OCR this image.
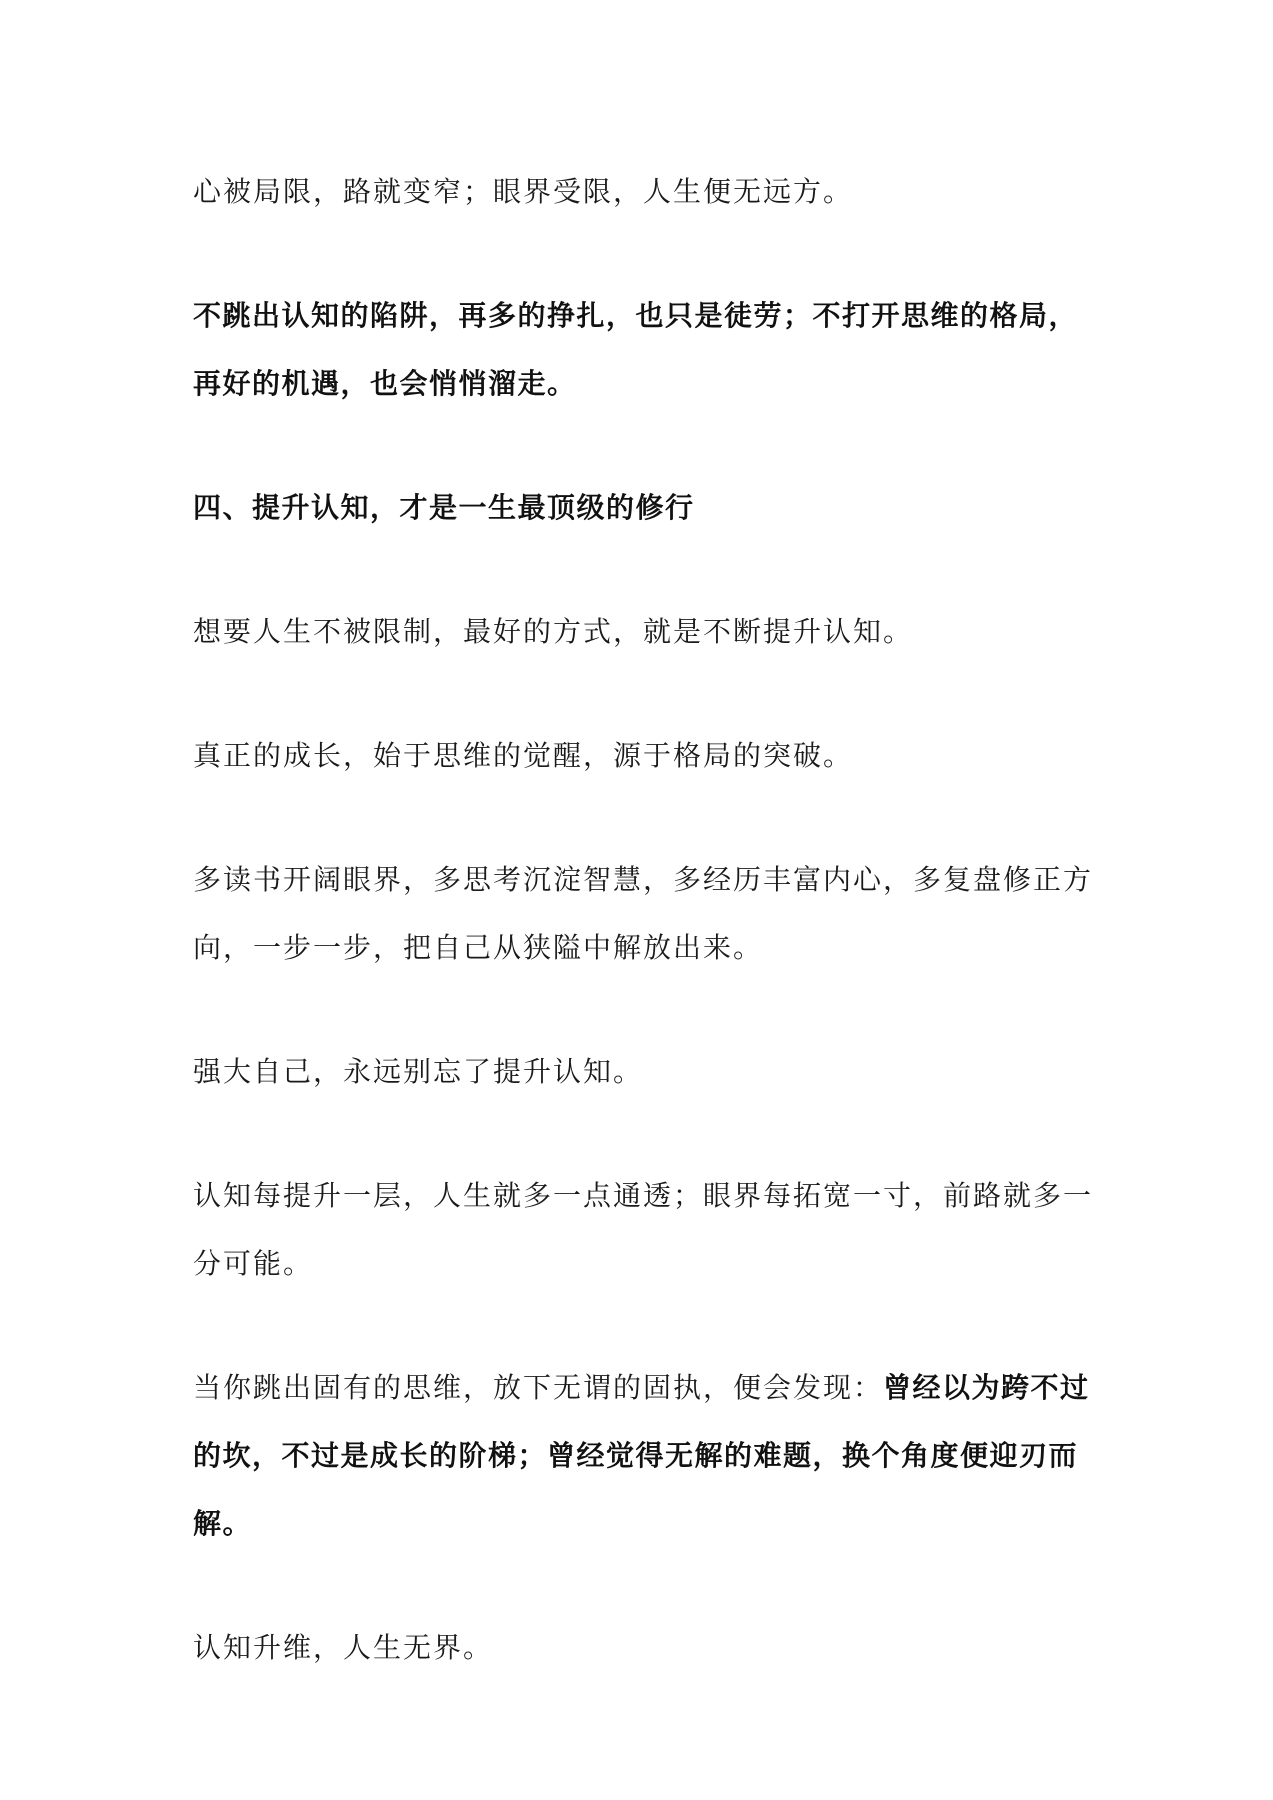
心被局限，路就变窄；眼界受限，人生便无远方。

不跳出认知的陷阱，再多的挣扎，也只是徒劳；不打开思维的格局，
再好的机遇，也会悄悄溜走。

四、提升认知，才是一生最顶级的修行

想要人生不被限制，最好的方式，就是不断提升认知。

真正的成长，始于思维的觉醒，源于格局的突破。

多读书开阔眼界，多思考沉淀智慧，多经历丰富内心，多复盘修正方
向，一步一步，把自己从狭隘中解放出来。

强大自己，永远别忘了提升认知。

认知每提升一层，人生就多一点通透；眼界每拓宽一寸，前路就多一
分可能。

当你跳出固有的思维，放下无谓的固执，便会发现：曾经以为跨不过
的坎，不过是成长的阶梯；曾经觉得无解的难题，换个角度便迎刃而
解。

认知升维，人生无界。
